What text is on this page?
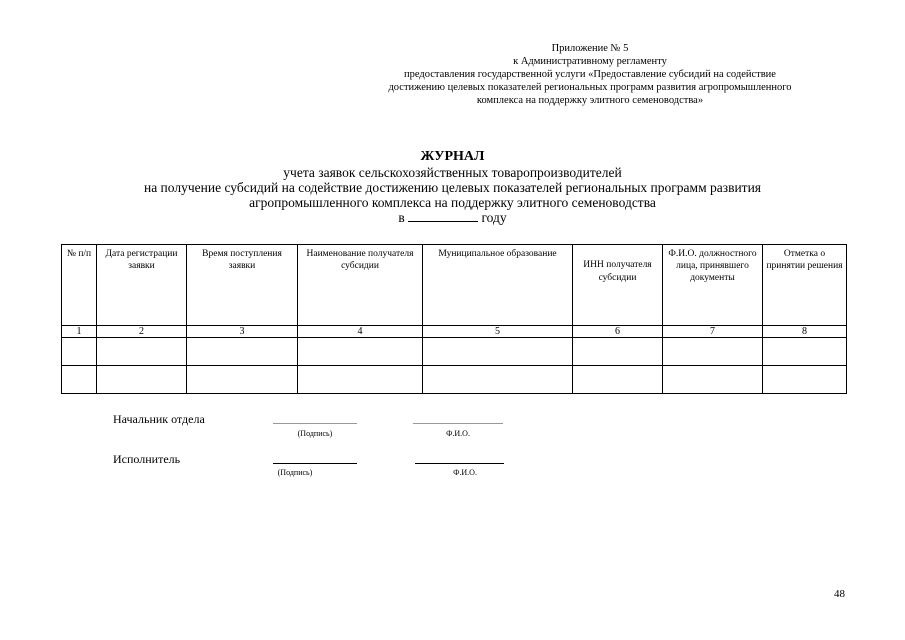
Приложение № 5
к Административному регламенту
предоставления государственной услуги «Предоставление субсидий на содействие
достижению целевых показателей региональных программ развития агропромышленного
комплекса на поддержку элитного семеноводства»
ЖУРНАЛ
учета заявок сельскохозяйственных товаропроизводителей
на получение субсидий на содействие достижению целевых показателей региональных программ развития
агропромышленного комплекса на поддержку элитного семеноводства
в	году
№ п/п	Дата регистрации заявки	Время поступления заявки	Наименование получателя субсидии	Муниципальное образование	ИНН получателя субсидии	Ф.И.О. должностного лица, принявшего документы	Отметка о принятии решения
1	2	3	4	5	6	7	8

Начальник отдела
(Подпись)	Ф.И.О.
Исполнитель
(Подпись)	Ф.И.О.
48
